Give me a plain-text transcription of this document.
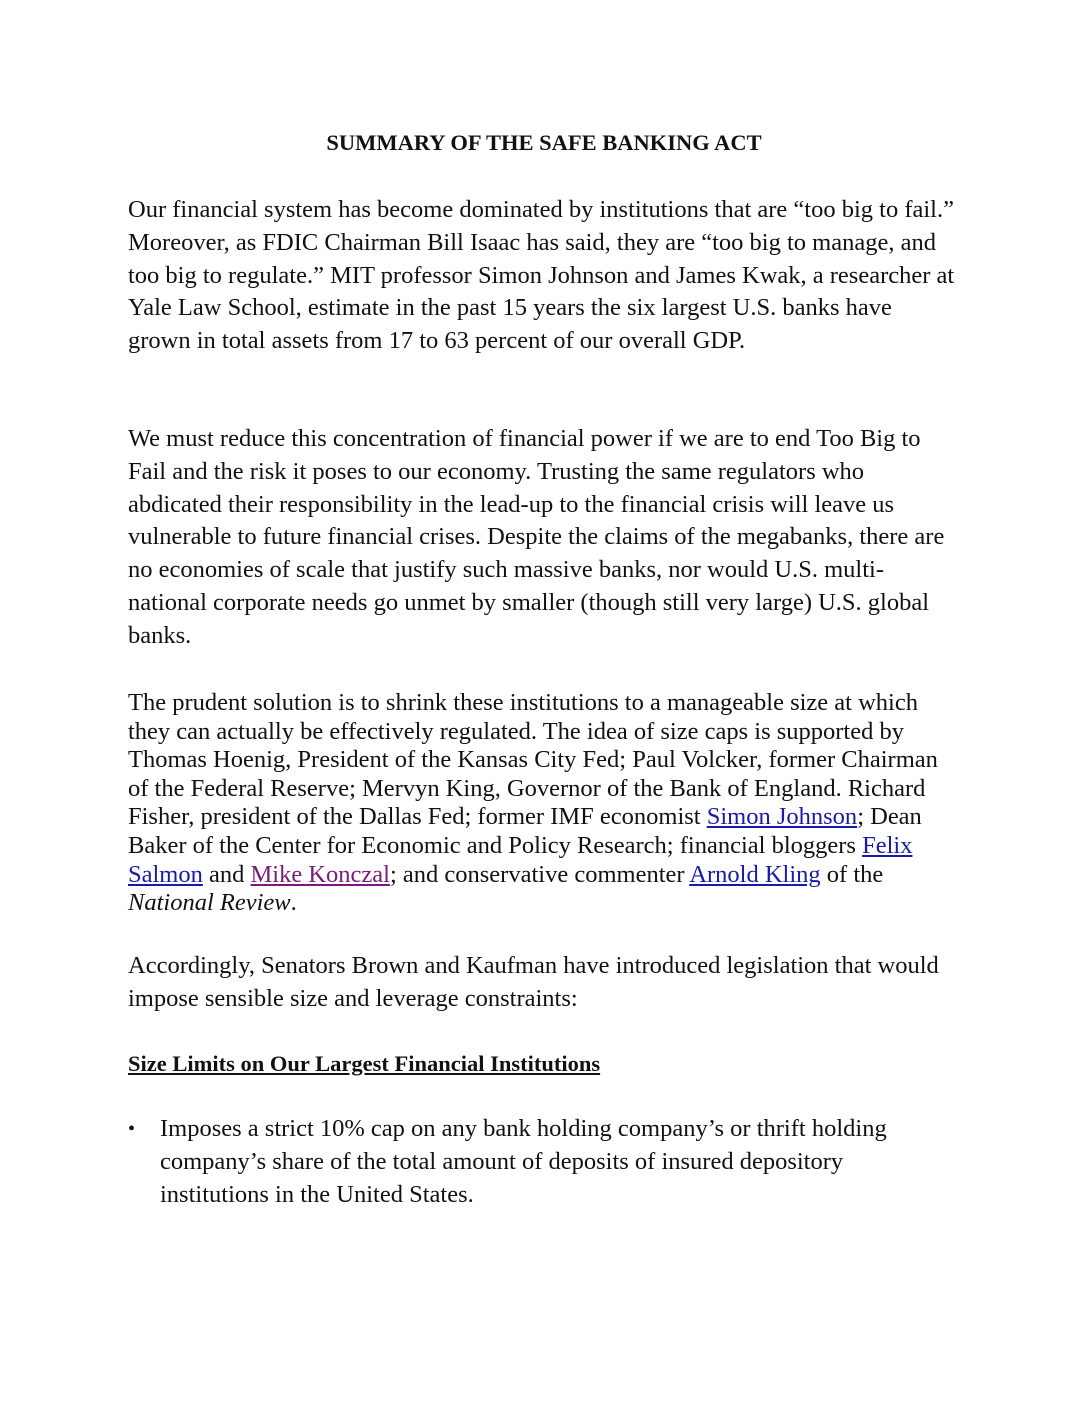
SUMMARY OF THE SAFE BANKING ACT

Our financial system has become dominated by institutions that are “too big to fail.” Moreover, as FDIC Chairman Bill Isaac has said, they are “too big to manage, and too big to regulate.” MIT professor Simon Johnson and James Kwak, a researcher at Yale Law School, estimate in the past 15 years the six largest U.S. banks have grown in total assets from 17 to 63 percent of our overall GDP.

We must reduce this concentration of financial power if we are to end Too Big to Fail and the risk it poses to our economy. Trusting the same regulators who abdicated their responsibility in the lead-up to the financial crisis will leave us vulnerable to future financial crises. Despite the claims of the megabanks, there are no economies of scale that justify such massive banks, nor would U.S. multi-national corporate needs go unmet by smaller (though still very large) U.S. global banks.

The prudent solution is to shrink these institutions to a manageable size at which they can actually be effectively regulated. The idea of size caps is supported by Thomas Hoenig, President of the Kansas City Fed; Paul Volcker, former Chairman of the Federal Reserve; Mervyn King, Governor of the Bank of England. Richard Fisher, president of the Dallas Fed; former IMF economist Simon Johnson; Dean Baker of the Center for Economic and Policy Research; financial bloggers Felix Salmon and Mike Konczal; and conservative commenter Arnold Kling of the National Review.

Accordingly, Senators Brown and Kaufman have introduced legislation that would impose sensible size and leverage constraints:

Size Limits on Our Largest Financial Institutions
• Imposes a strict 10% cap on any bank holding company’s or thrift holding company’s share of the total amount of deposits of insured depository institutions in the United States.
